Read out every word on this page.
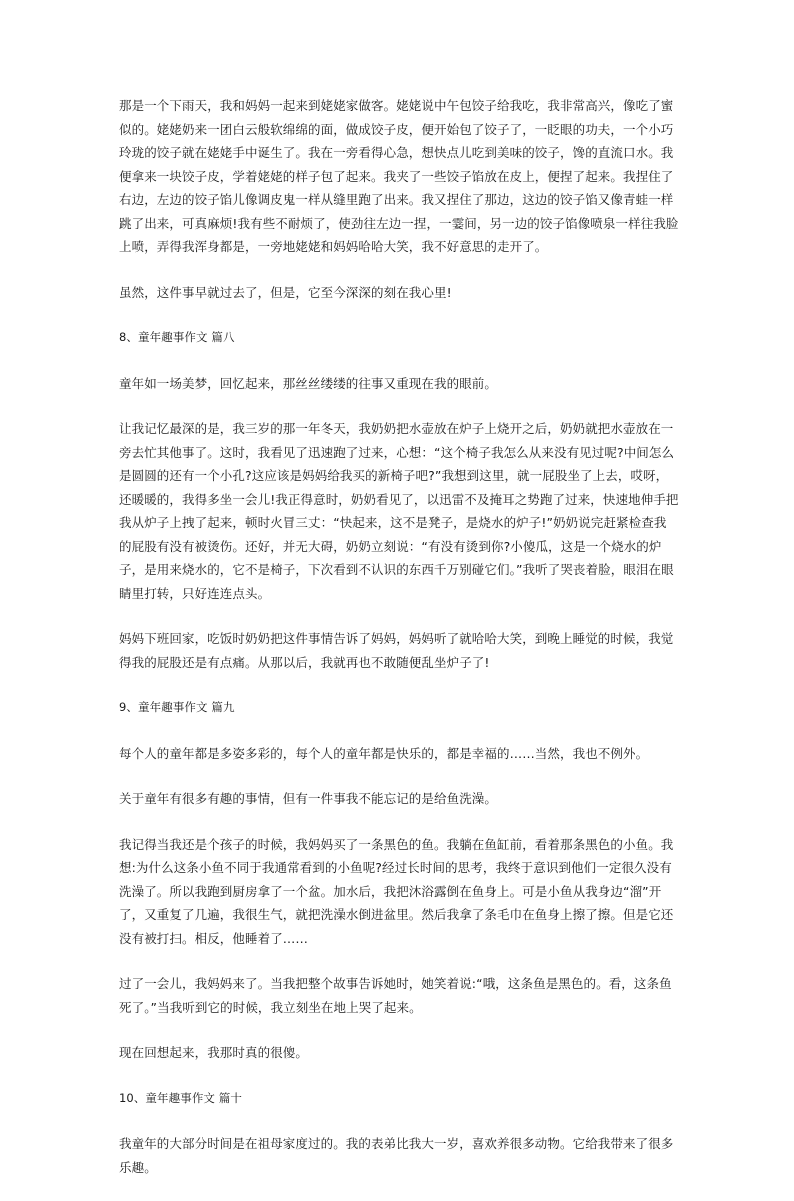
那是一个下雨天，我和妈妈一起来到姥姥家做客。姥姥说中午包饺子给我吃，我非常高兴，像吃了蜜似的。姥姥奶来一团白云般软绵绵的面，做成饺子皮，便开始包了饺子了，一眨眼的功夫，一个小巧玲珑的饺子就在姥姥手中诞生了。我在一旁看得心急，想快点儿吃到美味的饺子，馋的直流口水。我便拿来一块饺子皮，学着姥姥的样子包了起来。我夹了一些饺子馅放在皮上，便捏了起来。我捏住了右边，左边的饺子馅儿像调皮鬼一样从缝里跑了出来。我又捏住了那边，这边的饺子馅又像青蛙一样跳了出来，可真麻烦!我有些不耐烦了，使劲往左边一捏，一霎间，另一边的饺子馅像喷泉一样往我脸上喷，弄得我浑身都是，一旁地姥姥和妈妈哈哈大笑，我不好意思的走开了。

虽然，这件事早就过去了，但是，它至今深深的刻在我心里!

8、童年趣事作文 篇八

童年如一场美梦，回忆起来，那丝丝缕缕的往事又重现在我的眼前。

让我记忆最深的是，我三岁的那一年冬天，我奶奶把水壶放在炉子上烧开之后，奶奶就把水壶放在一旁去忙其他事了。这时，我看见了迅速跑了过来，心想：“这个椅子我怎么从来没有见过呢?中间怎么是圆圆的还有一个小孔?这应该是妈妈给我买的新椅子吧?”我想到这里，就一屁股坐了上去，哎呀，还暖暖的，我得多坐一会儿!我正得意时，奶奶看见了，以迅雷不及掩耳之势跑了过来，快速地伸手把我从炉子上拽了起来，顿时火冒三丈：“快起来，这不是凳子，是烧水的炉子!”奶奶说完赶紧检查我的屁股有没有被烫伤。还好，并无大碍，奶奶立刻说：“有没有烫到你?小傻瓜，这是一个烧水的炉子，是用来烧水的，它不是椅子，下次看到不认识的东西千万别碰它们。”我听了哭丧着脸，眼泪在眼睛里打转，只好连连点头。

妈妈下班回家，吃饭时奶奶把这件事情告诉了妈妈，妈妈听了就哈哈大笑，到晚上睡觉的时候，我觉得我的屁股还是有点痛。从那以后，我就再也不敢随便乱坐炉子了!

9、童年趣事作文 篇九

每个人的童年都是多姿多彩的，每个人的童年都是快乐的，都是幸福的……当然，我也不例外。

关于童年有很多有趣的事情，但有一件事我不能忘记的是给鱼洗澡。

我记得当我还是个孩子的时候，我妈妈买了一条黑色的鱼。我躺在鱼缸前，看着那条黑色的小鱼。我想:为什么这条小鱼不同于我通常看到的小鱼呢?经过长时间的思考，我终于意识到他们一定很久没有洗澡了。所以我跑到厨房拿了一个盆。加水后，我把沐浴露倒在鱼身上。可是小鱼从我身边“溜”开了，又重复了几遍，我很生气，就把洗澡水倒进盆里。然后我拿了条毛巾在鱼身上擦了擦。但是它还没有被打扫。相反，他睡着了……

过了一会儿，我妈妈来了。当我把整个故事告诉她时，她笑着说:“哦，这条鱼是黑色的。看，这条鱼死了。”当我听到它的时候，我立刻坐在地上哭了起来。

现在回想起来，我那时真的很傻。

10、童年趣事作文 篇十

我童年的大部分时间是在祖母家度过的。我的表弟比我大一岁，喜欢养很多动物。它给我带来了很多乐趣。
